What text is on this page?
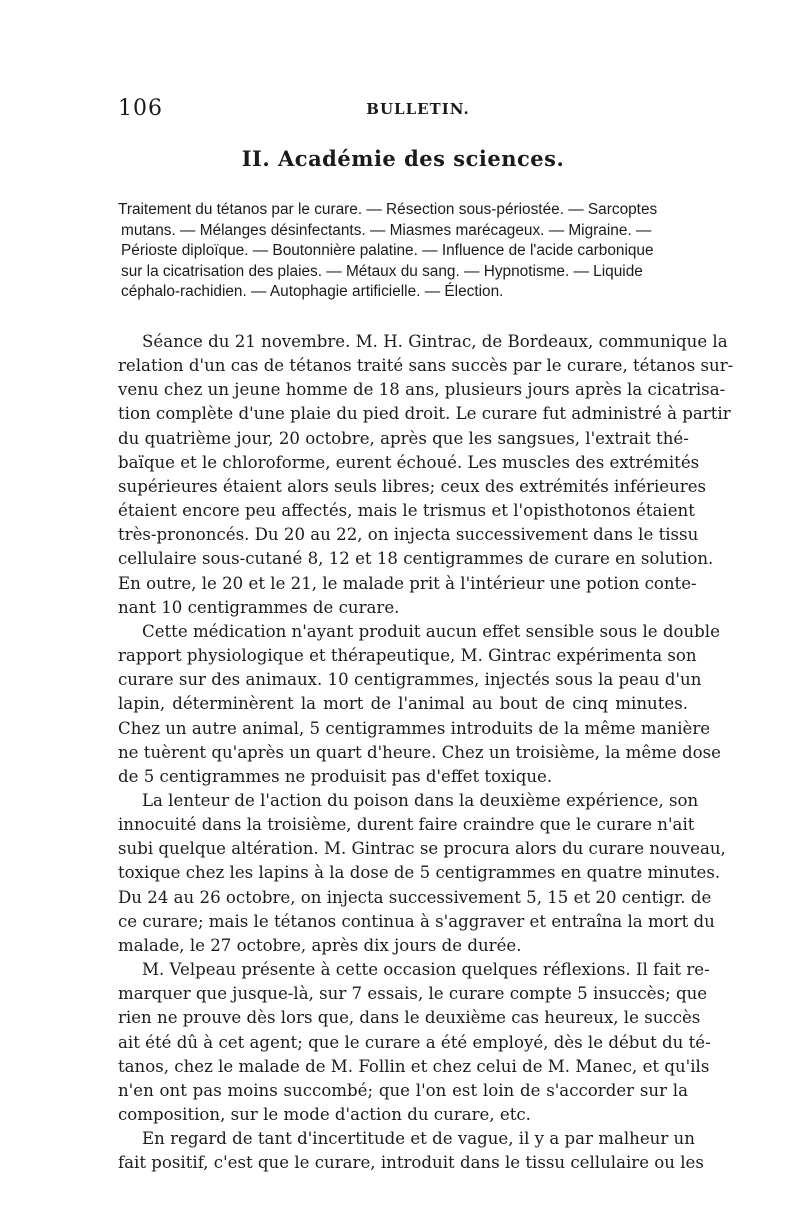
106	BULLETIN.
II. Académie des sciences.
Traitement du tétanos par le curare. — Résection sous-périostée. — Sarcoptes
mutans. — Mélanges désinfectants. — Miasmes marécageux. — Migraine. —
Périoste diploïque. — Boutonnière palatine. — Influence de l'acide carbonique
sur la cicatrisation des plaies. — Métaux du sang. — Hypnotisme. — Liquide
céphalo-rachidien. — Autophagie artificielle. — Élection.
Séance du 21 novembre. M. H. Gintrac, de Bordeaux, communique la
relation d'un cas de tétanos traité sans succès par le curare, tétanos sur-
venu chez un jeune homme de 18 ans, plusieurs jours après la cicatrisa-
tion complète d'une plaie du pied droit. Le curare fut administré à partir
du quatrième jour, 20 octobre, après que les sangsues, l'extrait thé-
baïque et le chloroforme, eurent échoué. Les muscles des extrémités
supérieures étaient alors seuls libres; ceux des extrémités inférieures
étaient encore peu affectés, mais le trismus et l'opisthotonos étaient
très-prononcés. Du 20 au 22, on injecta successivement dans le tissu
cellulaire sous-cutané 8, 12 et 18 centigrammes de curare en solution.
En outre, le 20 et le 21, le malade prit à l'intérieur une potion conte-
nant 10 centigrammes de curare.
Cette médication n'ayant produit aucun effet sensible sous le double
rapport physiologique et thérapeutique, M. Gintrac expérimenta son
curare sur des animaux. 10 centigrammes, injectés sous la peau d'un
lapin, déterminèrent la mort de l'animal au bout de cinq minutes.
Chez un autre animal, 5 centigrammes introduits de la même manière
ne tuèrent qu'après un quart d'heure. Chez un troisième, la même dose
de 5 centigrammes ne produisit pas d'effet toxique.
La lenteur de l'action du poison dans la deuxième expérience, son
innocuité dans la troisième, durent faire craindre que le curare n'ait
subi quelque altération. M. Gintrac se procura alors du curare nouveau,
toxique chez les lapins à la dose de 5 centigrammes en quatre minutes.
Du 24 au 26 octobre, on injecta successivement 5, 15 et 20 centigr. de
ce curare; mais le tétanos continua à s'aggraver et entraîna la mort du
malade, le 27 octobre, après dix jours de durée.
M. Velpeau présente à cette occasion quelques réflexions. Il fait re-
marquer que jusque-là, sur 7 essais, le curare compte 5 insuccès; que
rien ne prouve dès lors que, dans le deuxième cas heureux, le succès
ait été dû à cet agent; que le curare a été employé, dès le début du té-
tanos, chez le malade de M. Follin et chez celui de M. Manec, et qu'ils
n'en ont pas moins succombé; que l'on est loin de s'accorder sur la
composition, sur le mode d'action du curare, etc.
En regard de tant d'incertitude et de vague, il y a par malheur un
fait positif, c'est que le curare, introduit dans le tissu cellulaire ou les
